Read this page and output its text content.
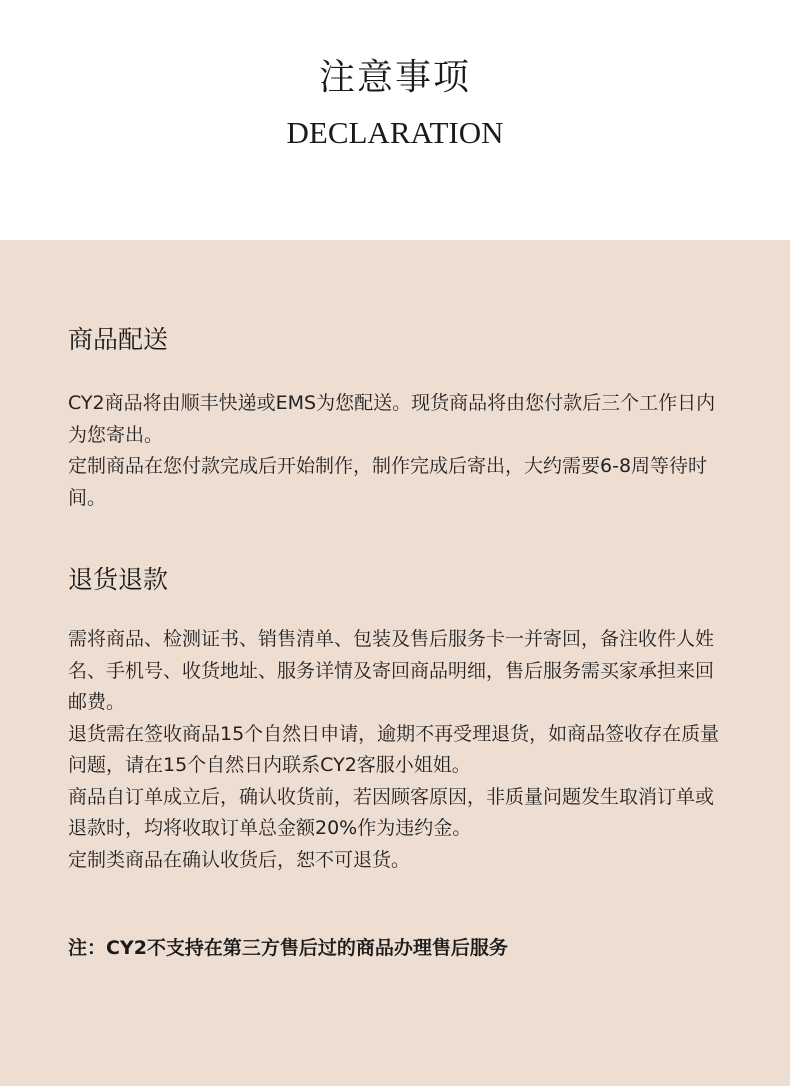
注意事项
DECLARATION
商品配送

CY2商品将由顺丰快递或EMS为您配送。现货商品将由您付款后三个工作日内为您寄出。

定制商品在您付款完成后开始制作，制作完成后寄出，大约需要6-8周等待时间。

退货退款

需将商品、检测证书、销售清单、包装及售后服务卡一并寄回，备注收件人姓名、手机号、收货地址、服务详情及寄回商品明细，售后服务需买家承担来回邮费。

退货需在签收商品15个自然日申请，逾期不再受理退货，如商品签收存在质量问题，请在15个自然日内联系CY2客服小姐姐。

商品自订单成立后，确认收货前，若因顾客原因，非质量问题发生取消订单或退款时，均将收取订单总金额20%作为违约金。

定制类商品在确认收货后，恕不可退货。

注：CY2不支持在第三方售后过的商品办理售后服务
